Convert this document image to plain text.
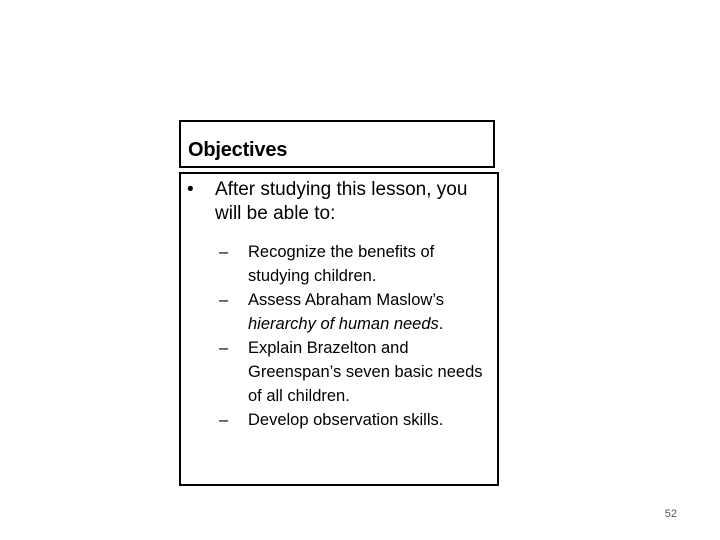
Objectives
•	After studying this lesson, you will be able to:
– Recognize the benefits of studying children.
– Assess Abraham Maslow’s hierarchy of human needs.
– Explain Brazelton and Greenspan’s seven basic needs of all children.
– Develop observation skills.
52
